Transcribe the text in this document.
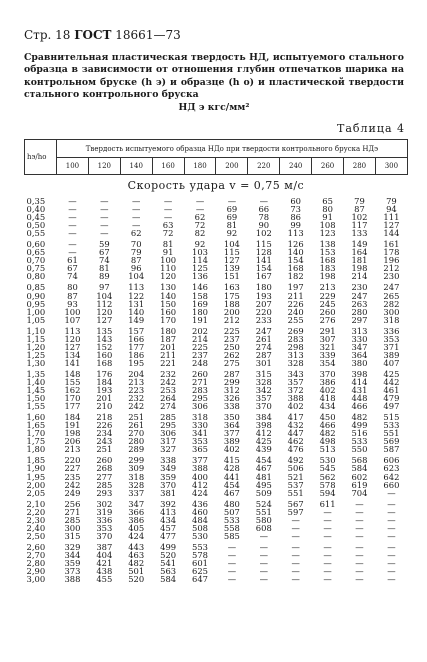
Стр. 18 ГОСТ 18661—73
Сравнительная пластическая твердость НД, испытуемого стального образца в зависимости от отношения глубин отпечатков шарика на контрольном бруске (h э) и образце (h о) и пластической твердости стального контрольного бруска
НД э кгс/мм²
Таблица 4
hэ/hо	Твердость испытуемого образца НДо при твердости контрольного бруска НДэ										
	100	120	140	160	180	200	220	240	260	280	300
Скорость удара v = 0,75 м/с											
0,35	—	—	—	—	—	—	—	60	65	79	79
0,40	—	—	—	—	—	69	66	73	80	87	94
0,45	—	—	—	—	62	69	78	86	91	102	111
0,50	—	—	—	63	72	81	90	99	108	117	127
0,55	—	—	62	72	82	92	102	113	123	133	144
0,60	—	59	70	81	92	104	115	126	138	149	161
0,65	—	67	79	91	103	115	128	140	153	164	178
0,70	61	74	87	100	114	127	141	154	168	181	196
0,75	67	81	96	110	125	139	154	168	183	198	212
0,80	74	89	104	120	136	151	167	182	198	214	230
0,85	80	97	113	130	146	163	180	197	213	230	247
0,90	87	104	122	140	158	175	193	211	229	247	265
0,95	93	112	131	150	169	188	207	226	245	263	282
1,00	100	120	140	160	180	200	220	240	260	280	300
1,05	107	127	149	170	191	212	233	255	276	297	318
1,10	113	135	157	180	202	225	247	269	291	313	336
1,15	120	143	166	187	214	237	261	283	307	330	353
1,20	127	152	177	201	225	250	274	298	321	347	371
1,25	134	160	186	211	237	262	287	313	339	364	389
1,30	141	168	195	221	248	275	301	328	354	380	407
1,35	148	176	204	232	260	287	315	343	370	398	425
1,40	155	184	213	242	271	299	328	357	386	414	442
1,45	162	193	223	253	283	312	342	372	402	431	461
1,50	170	201	232	264	295	326	357	388	418	448	479
1,55	177	210	242	274	306	338	370	402	434	466	497
1,60	184	218	251	285	318	350	384	417	450	482	515
1,65	191	226	261	295	330	364	398	432	466	499	533
1,70	198	234	270	306	341	377	412	447	482	516	551
1,75	206	243	280	317	353	389	425	462	498	533	569
1,80	213	251	289	327	365	402	439	476	513	550	587
1,85	220	260	299	338	377	415	454	492	530	568	606
1,90	227	268	309	349	388	428	467	506	545	584	623
1,95	235	277	318	359	400	441	481	521	562	602	642
2,00	242	285	328	370	412	454	495	537	578	619	660
2,05	249	293	337	381	424	467	509	551	594	704	—
2,10	256	302	347	392	436	480	524	567	611	—	—
2,20	271	319	366	413	460	507	551	597	—	—	—
2,30	285	336	386	434	484	533	580	—	—	—	—
2,40	300	353	405	457	508	558	608	—	—	—	—
2,50	315	370	424	477	530	585	—	—	—	—	—
2,60	329	387	443	499	553	—	—	—	—	—	—
2,70	344	404	463	520	578	—	—	—	—	—	—
2,80	359	421	482	541	601	—	—	—	—	—	—
2,90	373	438	501	563	625	—	—	—	—	—	—
3,00	388	455	520	584	647	—	—	—	—	—	—
